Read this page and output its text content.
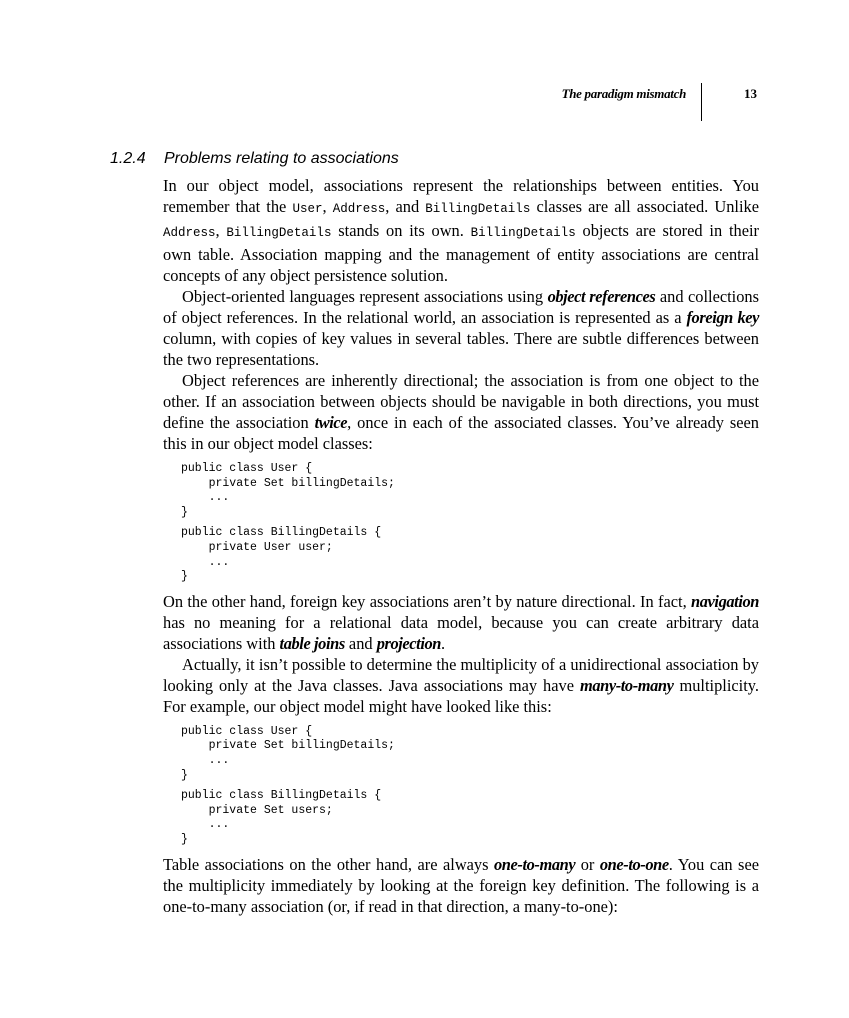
The paradigm mismatch	13
1.2.4 Problems relating to associations

In our object model, associations represent the relationships between entities. You remember that the User, Address, and BillingDetails classes are all associated. Unlike Address, BillingDetails stands on its own. BillingDetails objects are stored in their own table. Association mapping and the management of entity associations are central concepts of any object persistence solution.

Object-oriented languages represent associations using object references and collections of object references. In the relational world, an association is represented as a foreign key column, with copies of key values in several tables. There are subtle differences between the two representations.

Object references are inherently directional; the association is from one object to the other. If an association between objects should be navigable in both directions, you must define the association twice, once in each of the associated classes. You’ve already seen this in our object model classes:

public class User {
private Set billingDetails;
...
}
public class BillingDetails {
private User user;
...
}

On the other hand, foreign key associations aren’t by nature directional. In fact, navigation has no meaning for a relational data model, because you can create arbitrary data associations with table joins and projection.

Actually, it isn’t possible to determine the multiplicity of a unidirectional association by looking only at the Java classes. Java associations may have many-to-many multiplicity. For example, our object model might have looked like this:

public class User {
private Set billingDetails;
...
}
public class BillingDetails {
private Set users;
...
}

Table associations on the other hand, are always one-to-many or one-to-one. You can see the multiplicity immediately by looking at the foreign key definition. The following is a one-to-many association (or, if read in that direction, a many-to-one):
